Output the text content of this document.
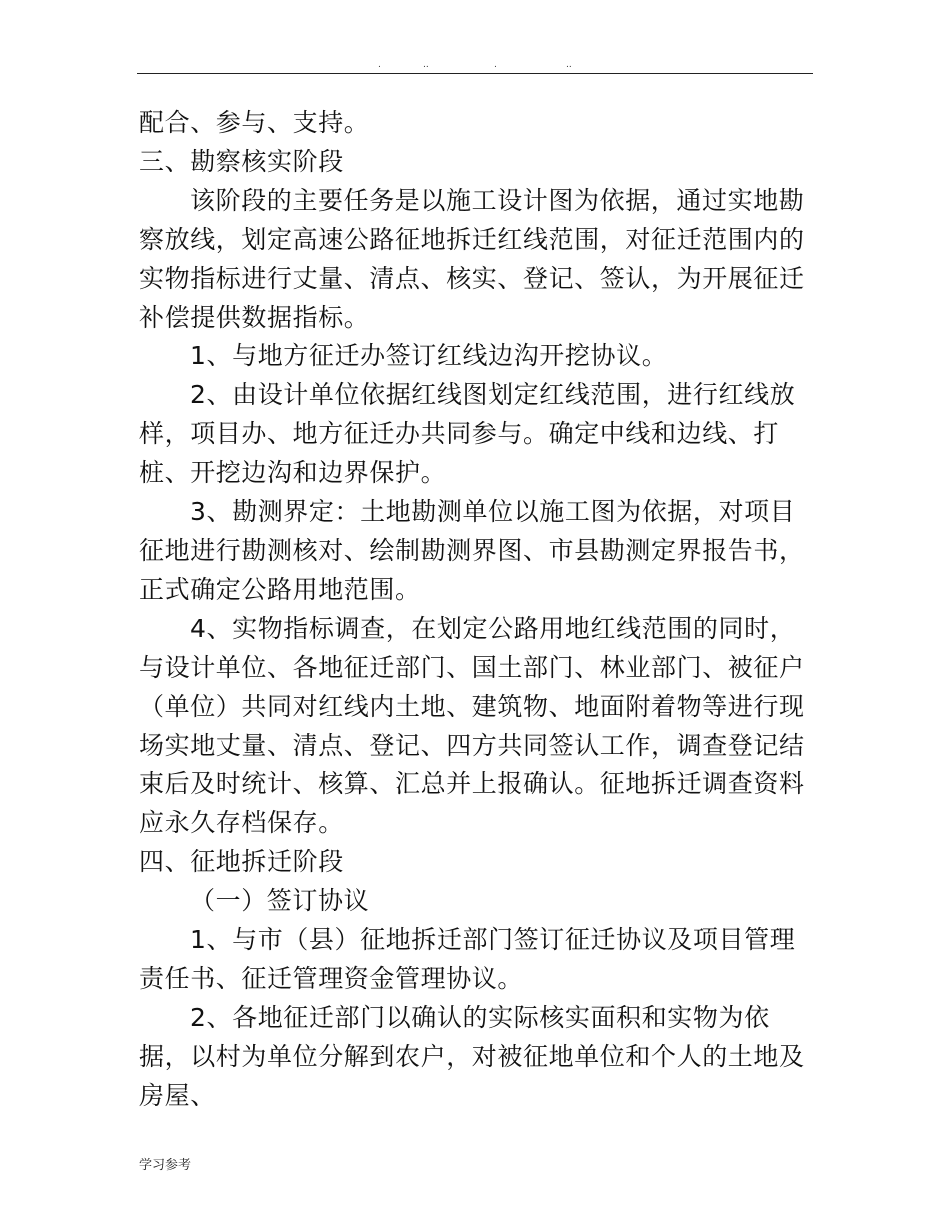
.	..	.	..

配合、参与、支持。

三、勘察核实阶段

该阶段的主要任务是以施工设计图为依据，通过实地勘察放线，划定高速公路征地拆迁红线范围，对征迁范围内的实物指标进行丈量、清点、核实、登记、签认，为开展征迁补偿提供数据指标。

1、与地方征迁办签订红线边沟开挖协议。

2、由设计单位依据红线图划定红线范围，进行红线放样，项目办、地方征迁办共同参与。确定中线和边线、打桩、开挖边沟和边界保护。

3、勘测界定：土地勘测单位以施工图为依据，对项目征地进行勘测核对、绘制勘测界图、市县勘测定界报告书，正式确定公路用地范围。

4、实物指标调查，在划定公路用地红线范围的同时，与设计单位、各地征迁部门、国土部门、林业部门、被征户（单位）共同对红线内土地、建筑物、地面附着物等进行现场实地丈量、清点、登记、四方共同签认工作，调查登记结束后及时统计、核算、汇总并上报确认。征地拆迁调查资料应永久存档保存。

四、征地拆迁阶段

（一）签订协议

1、与市（县）征地拆迁部门签订征迁协议及项目管理责任书、征迁管理资金管理协议。

2、各地征迁部门以确认的实际核实面积和实物为依据，以村为单位分解到农户，对被征地单位和个人的土地及房屋、

学习参考
